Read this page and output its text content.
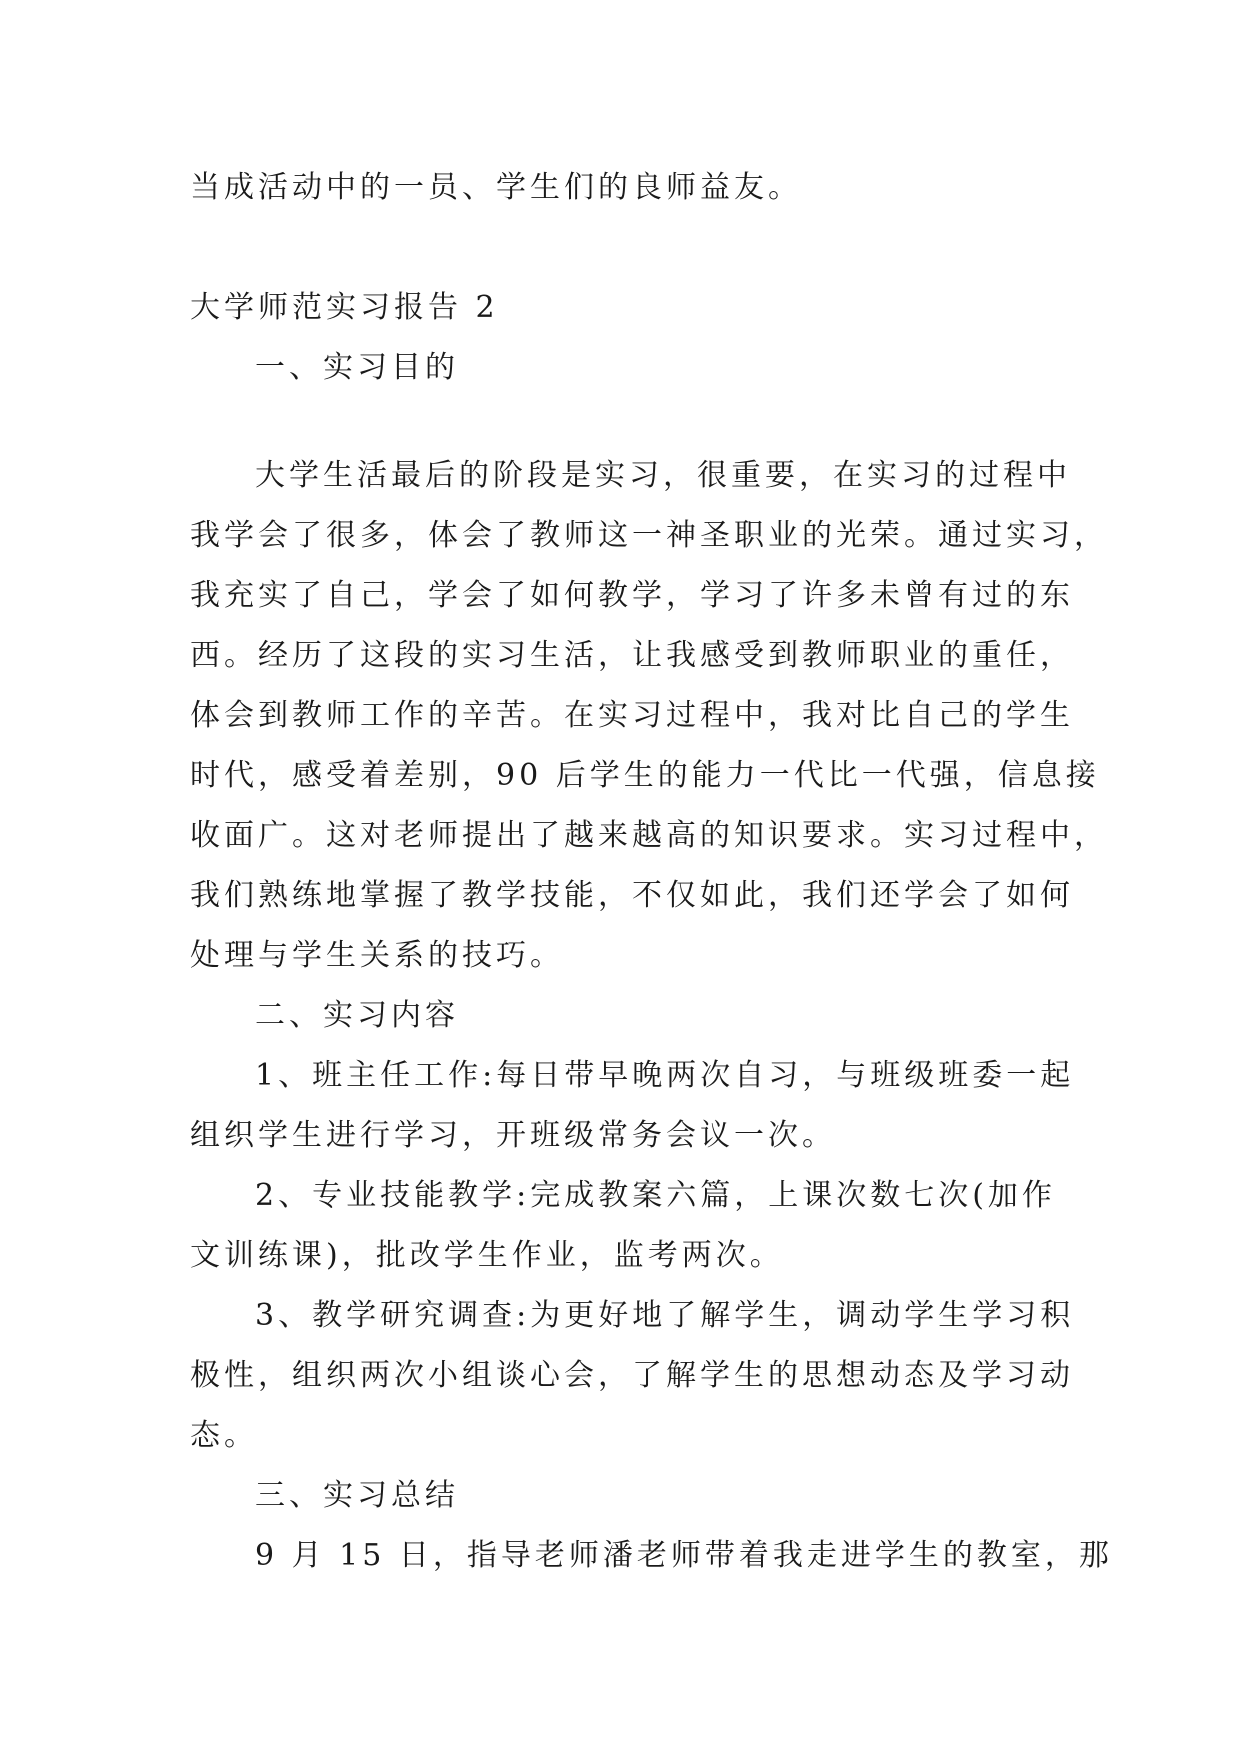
当成活动中的一员、学生们的良师益友。
大学师范实习报告 2
一、实习目的
大学生活最后的阶段是实习，很重要，在实习的过程中
我学会了很多，体会了教师这一神圣职业的光荣。通过实习，
我充实了自己，学会了如何教学，学习了许多未曾有过的东
西。经历了这段的实习生活，让我感受到教师职业的重任，
体会到教师工作的辛苦。在实习过程中，我对比自己的学生
时代，感受着差别，90 后学生的能力一代比一代强，信息接
收面广。这对老师提出了越来越高的知识要求。实习过程中，
我们熟练地掌握了教学技能，不仅如此，我们还学会了如何
处理与学生关系的技巧。
二、实习内容
1、班主任工作:每日带早晚两次自习，与班级班委一起
组织学生进行学习，开班级常务会议一次。
2、专业技能教学:完成教案六篇，上课次数七次(加作
文训练课)，批改学生作业，监考两次。
3、教学研究调查:为更好地了解学生，调动学生学习积
极性，组织两次小组谈心会，了解学生的思想动态及学习动
态。
三、实习总结
9 月 15 日，指导老师潘老师带着我走进学生的教室，那
